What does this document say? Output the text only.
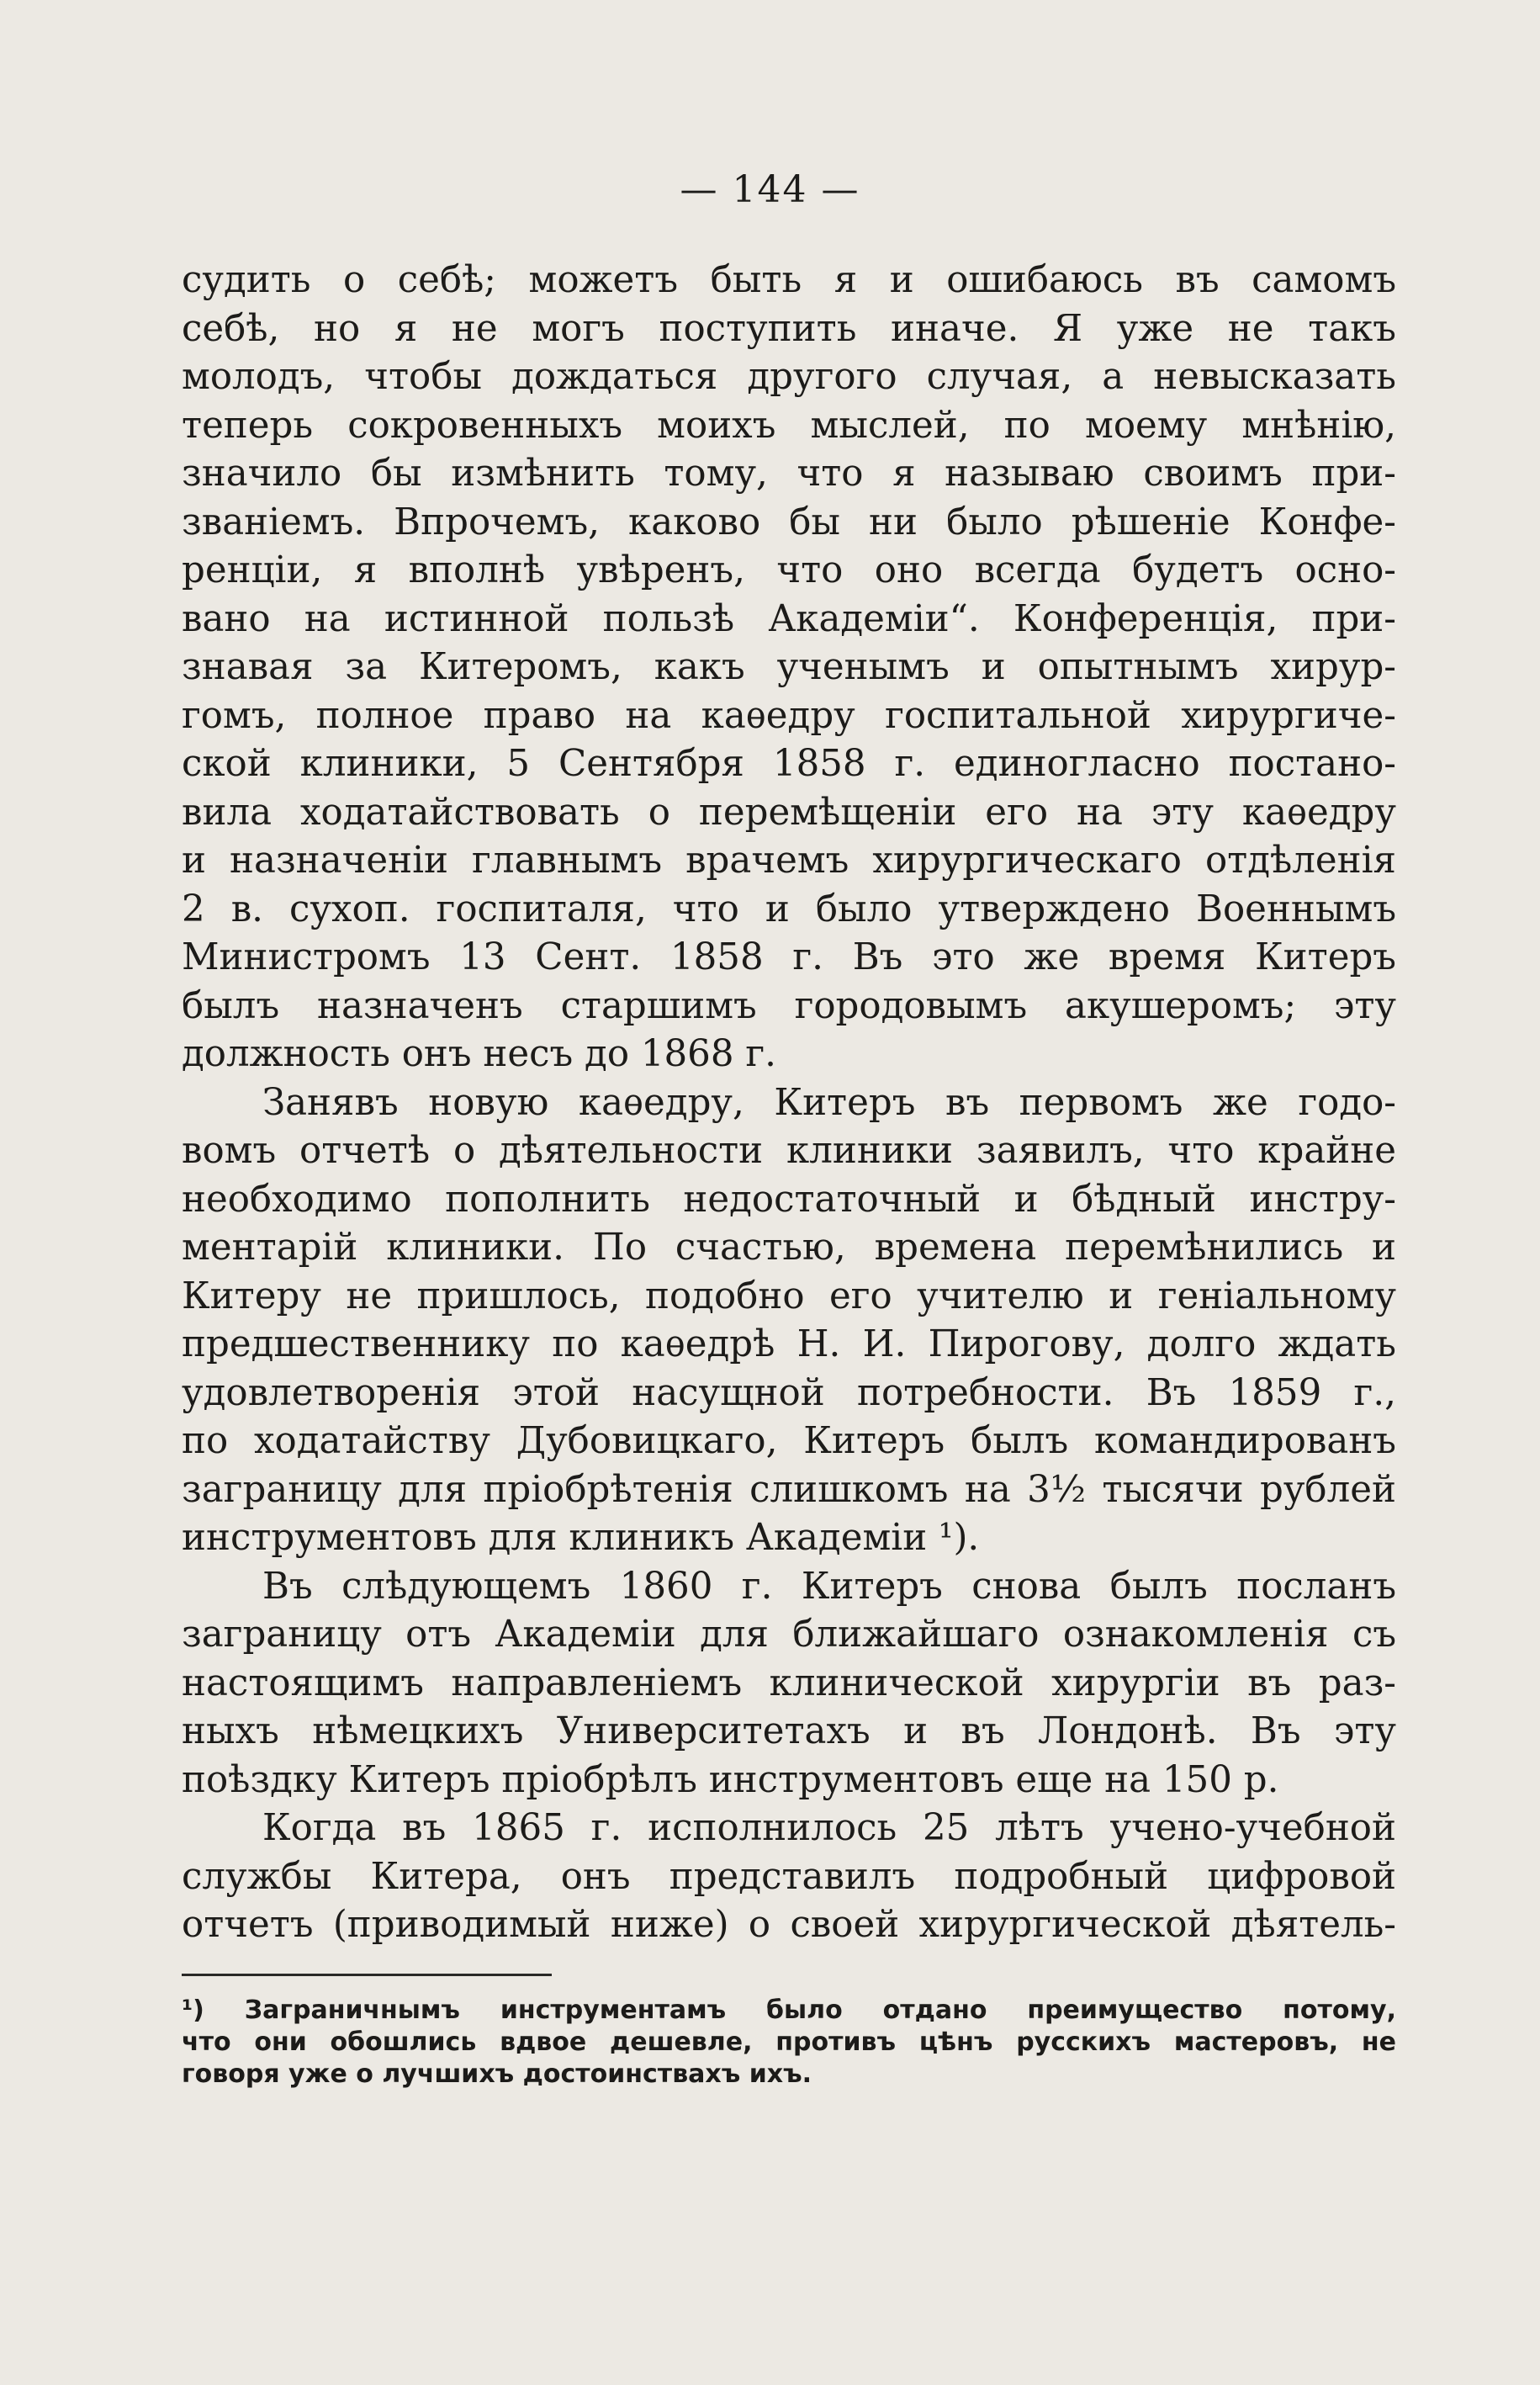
— 144 —
судить о себѣ; можетъ быть я и ошибаюсь въ самомъ
себѣ, но я не могъ поступить иначе. Я уже не такъ
молодъ, чтобы дождаться другого случая, а невысказать
теперь сокровенныхъ моихъ мыслей, по моему мнѣнію,
значило бы измѣнить тому, что я называю своимъ при-
званіемъ. Впрочемъ, каково бы ни было рѣшеніе Конфе-
ренціи, я вполнѣ увѣренъ, что оно всегда будетъ осно-
вано на истинной пользѣ Академіи“. Конференція, при-
знавая за Китеромъ, какъ ученымъ и опытнымъ хирур-
гомъ, полное право на каѳедру госпитальной хирургиче-
ской клиники, 5 Сентября 1858 г. единогласно постано-
вила ходатайствовать о перемѣщеніи его на эту каѳедру
и назначеніи главнымъ врачемъ хирургическаго отдѣленія
2 в. сухоп. госпиталя, что и было утверждено Военнымъ
Министромъ 13 Сент. 1858 г. Въ это же время Китеръ
былъ назначенъ старшимъ городовымъ акушеромъ; эту
должность онъ несъ до 1868 г.
Занявъ новую каѳедру, Китеръ въ первомъ же годо-
вомъ отчетѣ о дѣятельности клиники заявилъ, что крайне
необходимо пополнить недостаточный и бѣдный инстру-
ментарій клиники. По счастью, времена перемѣнились и
Китеру не пришлось, подобно его учителю и геніальному
предшественнику по каѳедрѣ Н. И. Пирогову, долго ждать
удовлетворенія этой насущной потребности. Въ 1859 г.,
по ходатайству Дубовицкаго, Китеръ былъ командированъ
заграницу для пріобрѣтенія слишкомъ на 3½ тысячи рублей
инструментовъ для клиникъ Академіи ¹).
Въ слѣдующемъ 1860 г. Китеръ снова былъ посланъ
заграницу отъ Академіи для ближайшаго ознакомленія съ
настоящимъ направленіемъ клинической хирургіи въ раз-
ныхъ нѣмецкихъ Университетахъ и въ Лондонѣ. Въ эту
поѣздку Китеръ пріобрѣлъ инструментовъ еще на 150 р.
Когда въ 1865 г. исполнилось 25 лѣтъ учено-учебной
службы Китера, онъ представилъ подробный цифровой
отчетъ (приводимый ниже) о своей хирургической дѣятель-
¹) Заграничнымъ инструментамъ было отдано преимущество потому,
что они обошлись вдвое дешевле, противъ цѣнъ русскихъ мастеровъ, не
говоря уже о лучшихъ достоинствахъ ихъ.
